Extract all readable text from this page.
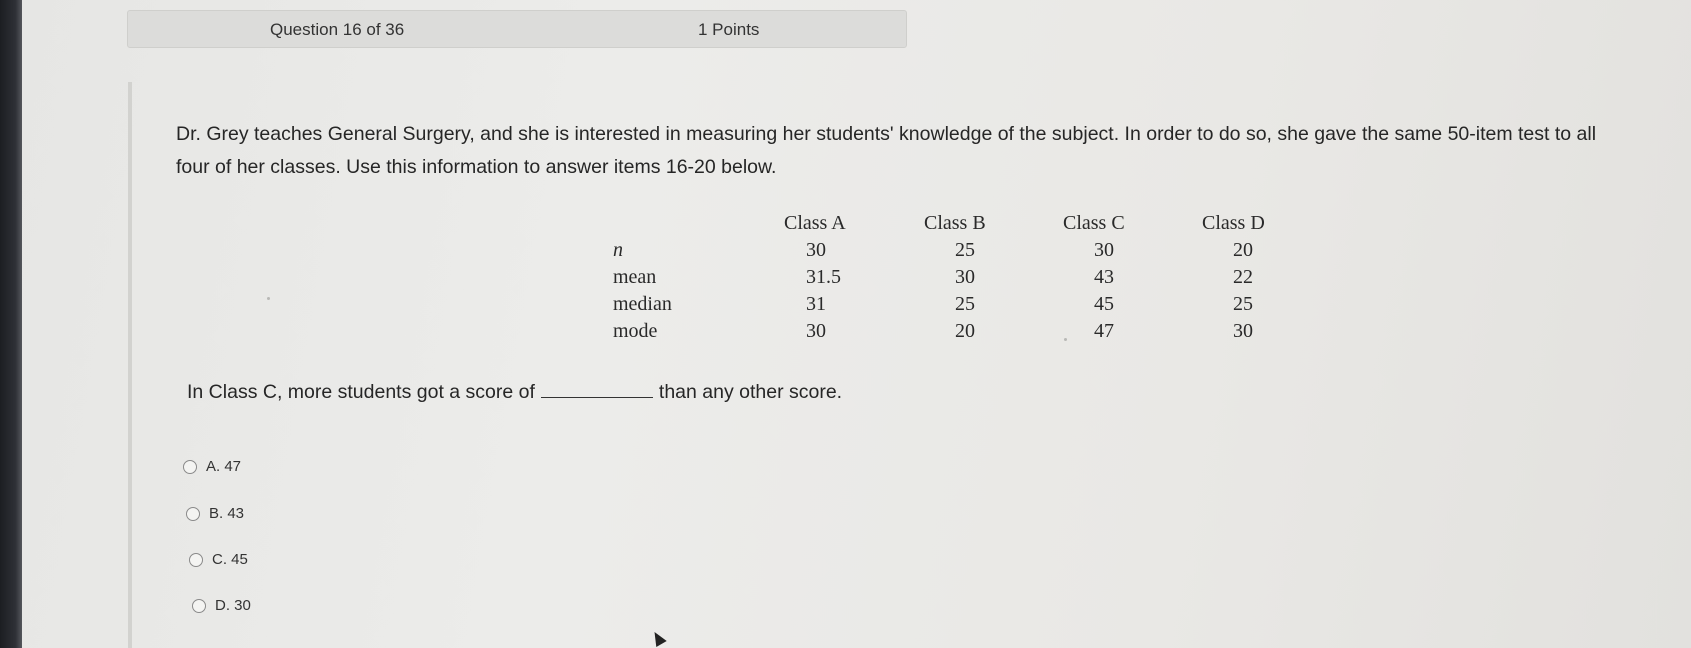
Question 16 of 36	1 Points
Dr. Grey teaches General Surgery, and she is interested in measuring her students' knowledge of the subject. In order to do so, she gave the same 50-item test to all four of her classes. Use this information to answer items 16-20 below.
	Class A	Class B	Class C	Class D
n	30	25	30	20
mean	31.5	30	43	22
median	31	25	45	25
mode	30	20	47	30
In Class C, more students got a score of	than any other score.
A. 47
B. 43
C. 45
D. 30
